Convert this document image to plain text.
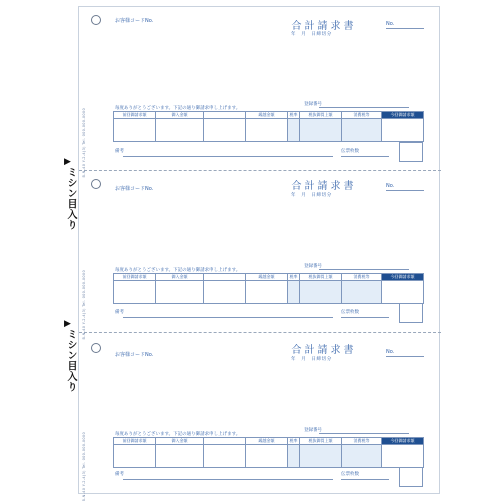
お客様コードNo.	合計請求書	No.
年　月　日締切分
登録番号
毎度ありがとうございます。下記の通り御請求申し上げます。
前回御請求額	御入金額		繰越金額	税率	税抜御買上額	消費税等	今回御請求額

備考	伝票枚数
お客様コードNo.	合計請求書	No.
年　月　日締切分
登録番号
毎度ありがとうございます。下記の通り御請求申し上げます。
前回御請求額	御入金額		繰越金額	税率	税抜御買上額	消費税等	今回御請求額

備考	伝票枚数
お客様コードNo.	合計請求書	No.
年　月　日締切分
登録番号
毎度ありがとうございます。下記の通り御請求申し上げます。
前回御請求額	御入金額		繰越金額	税率	税抜御買上額	消費税等	今回御請求額

備考	伝票枚数
B-N-40 Y-2-4(3) Tel. 000-000-0000
B-N-40 Y-2-4(3) Tel. 000-000-0000
B-N-40 Y-2-4(3) Tel. 000-000-0000
▶
ミシン目入り
▶
ミシン目入り
